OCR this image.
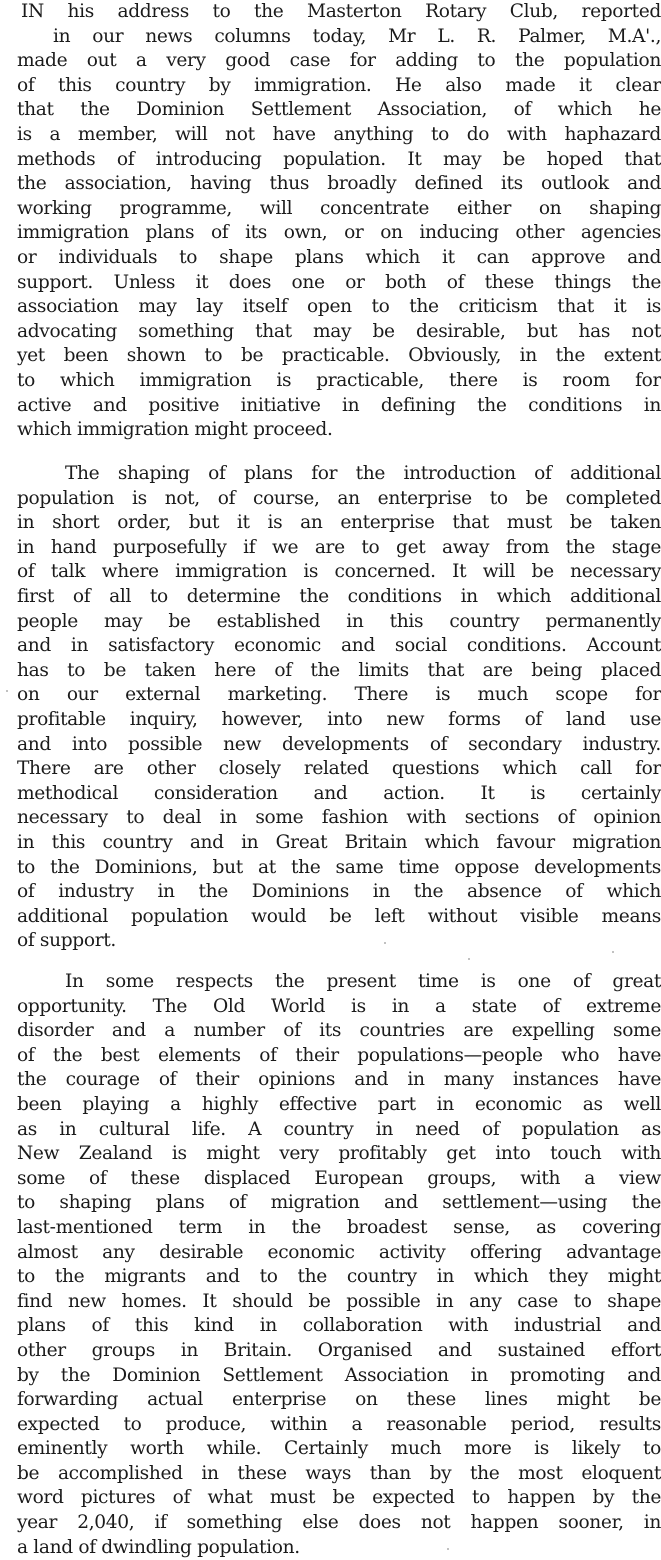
IN his address to the Masterton Rotary Club, reported
in our news columns today, Mr L. R. Palmer, M.A'.,
made out a very good case for adding to the population
of this country by immigration. He also made it clear
that the Dominion Settlement Association, of which he
is a member, will not have anything to do with haphazard
methods of introducing population. It may be hoped that
the association, having thus broadly defined its outlook and
working programme, will concentrate either on shaping
immigration plans of its own, or on inducing other agencies
or individuals to shape plans which it can approve and
support. Unless it does one or both of these things the
association may lay itself open to the criticism that it is
advocating something that may be desirable, but has not
yet been shown to be practicable. Obviously, in the extent
to which immigration is practicable, there is room for
active and positive initiative in defining the conditions in
which immigration might proceed.
The shaping of plans for the introduction of additional
population is not, of course, an enterprise to be completed
in short order, but it is an enterprise that must be taken
in hand purposefully if we are to get away from the stage
of talk where immigration is concerned. It will be necessary
first of all to determine the conditions in which additional
people may be established in this country permanently
and in satisfactory economic and social conditions. Account
has to be taken here of the limits that are being placed
on our external marketing. There is much scope for
profitable inquiry, however, into new forms of land use
and into possible new developments of secondary industry.
There are other closely related questions which call for
methodical consideration and action. It is certainly
necessary to deal in some fashion with sections of opinion
in this country and in Great Britain which favour migration
to the Dominions, but at the same time oppose developments
of industry in the Dominions in the absence of which
additional population would be left without visible means
of support.
In some respects the present time is one of great
opportunity. The Old World is in a state of extreme
disorder and a number of its countries are expelling some
of the best elements of their populations—people who have
the courage of their opinions and in many instances have
been playing a highly effective part in economic as well
as in cultural life. A country in need of population as
New Zealand is might very profitably get into touch with
some of these displaced European groups, with a view
to shaping plans of migration and settlement—using the
last-mentioned term in the broadest sense, as covering
almost any desirable economic activity offering advantage
to the migrants and to the country in which they might
find new homes. It should be possible in any case to shape
plans of this kind in collaboration with industrial and
other groups in Britain. Organised and sustained effort
by the Dominion Settlement Association in promoting and
forwarding actual enterprise on these lines might be
expected to produce, within a reasonable period, results
eminently worth while. Certainly much more is likely to
be accomplished in these ways than by the most eloquent
word pictures of what must be expected to happen by the
year 2,040, if something else does not happen sooner, in
a land of dwindling population.
